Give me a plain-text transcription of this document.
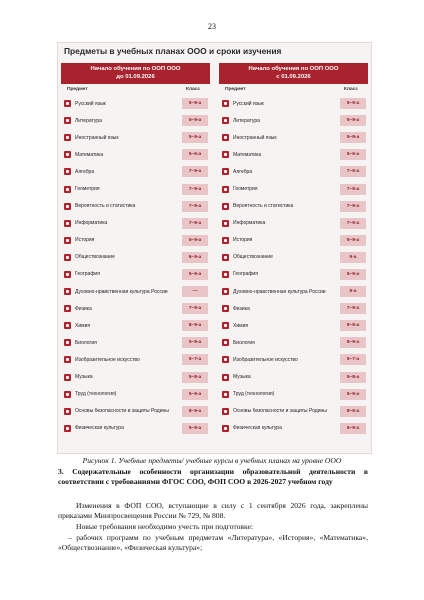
23
Предметы в учебных планах ООО и сроки изучения
Начало обучения по ООП ООО
до 01.09.2026
Предмет	Класс
Русский язык	5–9-а
Литература	5–9-а
Иностранный язык	5–9-а
Математика	5–6-а
Алгебра	7–9-а
Геометрия	7–9-а
Вероятность и статистика	7–9-а
Информатика	7–9-а
История	5–9-а
Обществознание	6–9-а
География	5–9-а
Духовно-нравственная культура России	—
Физика	7–9-а
Химия	8–9-а
Биология	5–9-а
Изобразительное искусство	5–7-а
Музыка	5–8-а
Труд (технология)	5–9-а
Основы безопасности и защиты Родины	8–9-а
Физическая культура	5–9-а
Начало обучения по ООП ООО
с 01.09.2026
Предмет	Класс
Русский язык	5–9-а
Литература	5–9-а
Иностранный язык	5–9-а
Математика	5–6-а
Алгебра	7–9-а
Геометрия	7–9-а
Вероятность и статистика	7–9-а
Информатика	7–9-а
История	5–9-а
Обществознание	9-а
География	5–9-а
Духовно-нравственная культура России	5-а
Физика	7–9-а
Химия	8–9-а
Биология	5–9-а
Изобразительное искусство	5–7-а
Музыка	5–8-а
Труд (технология)	5–9-а
Основы безопасности и защиты Родины	8–9-а
Физическая культура	5–9-а
Рисунок 1. Учебные предметы/ учебные курсы в учебных планах на уровне ООО
3. Содержательные особенности организации образовательной деятельности в соответствии с требованиями ФГОС СОО, ФОП СОО в 2026-2027 учебном году
Изменения в ФОП СОО, вступающие в силу с 1 сентября 2026 года, закреплены приказами Минпросвещения России № 729, № 808.
Новые требования необходимо учесть при подготовке:
– рабочих программ по учебным предметам «Литература», «История», «Математика», «Обществознание», «Физическая культура»;
